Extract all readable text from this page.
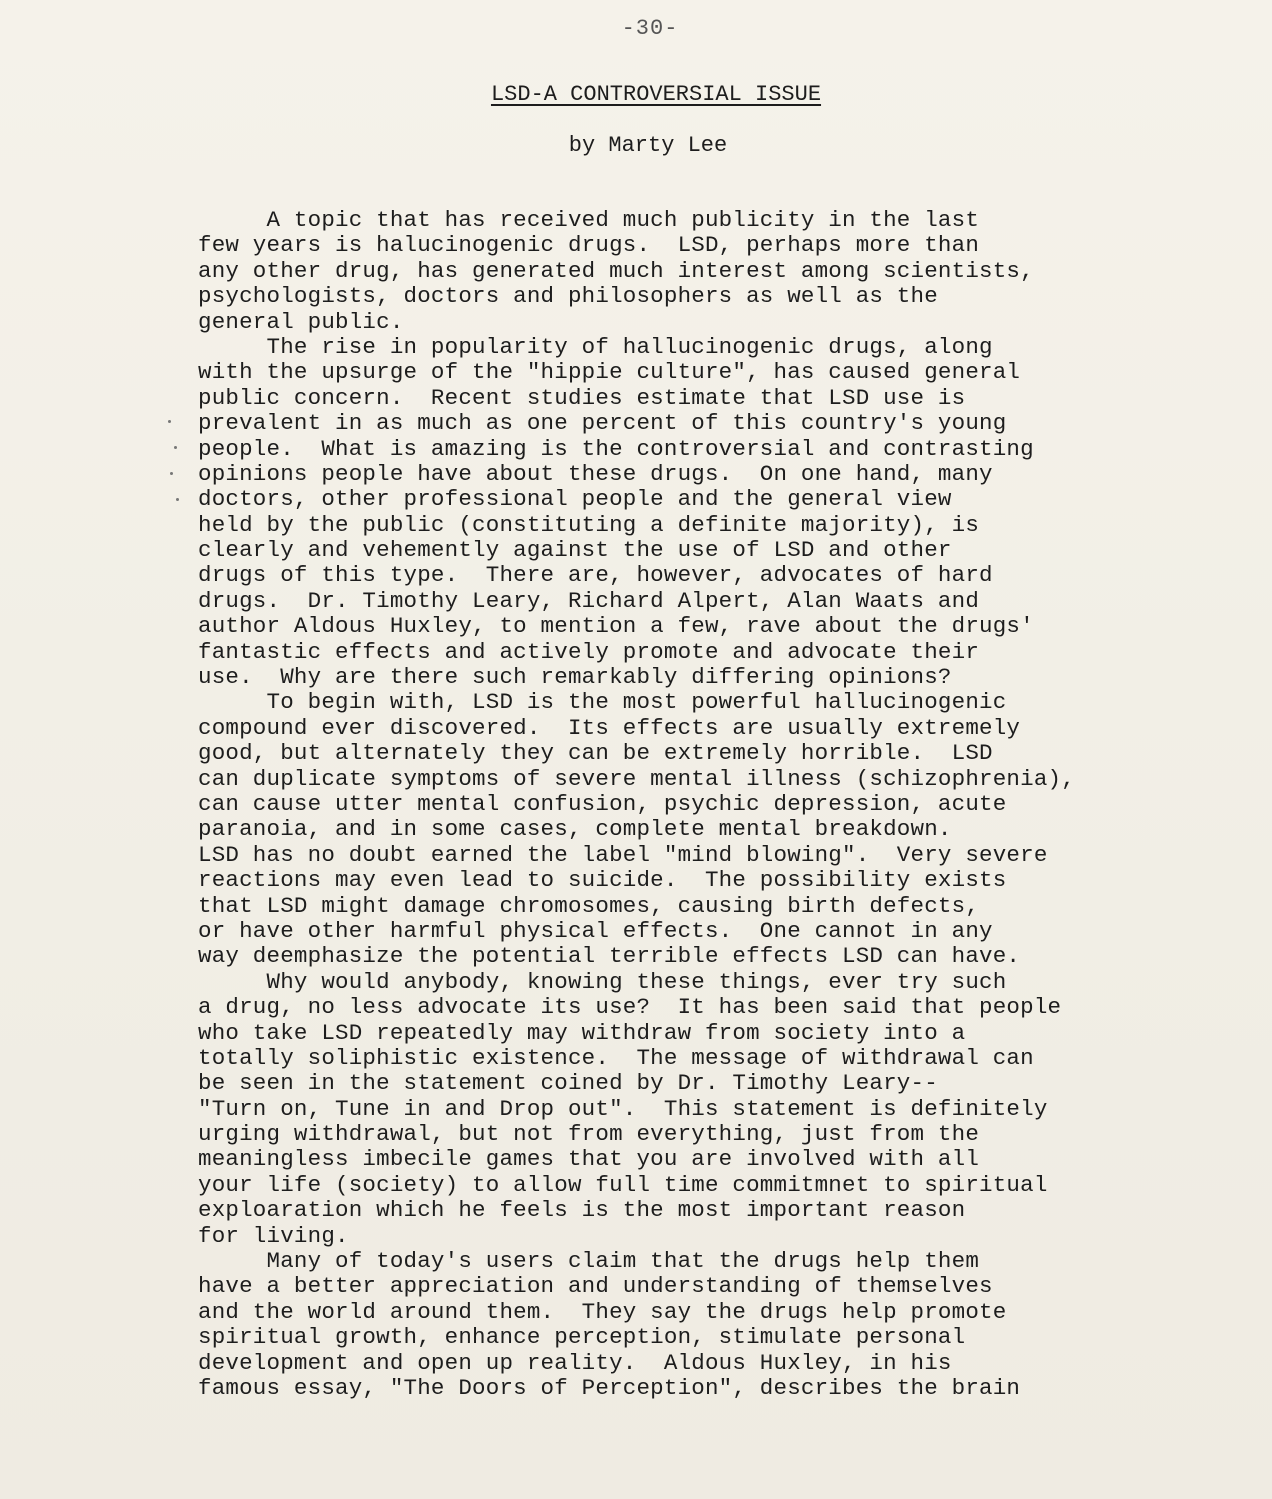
-30-
LSD-A CONTROVERSIAL ISSUE
by Marty Lee
A topic that has received much publicity in the last
few years is halucinogenic drugs.  LSD, perhaps more than
any other drug, has generated much interest among scientists,
psychologists, doctors and philosophers as well as the
general public.
The rise in popularity of hallucinogenic drugs, along
with the upsurge of the "hippie culture", has caused general
public concern.  Recent studies estimate that LSD use is
prevalent in as much as one percent of this country's young
people.  What is amazing is the controversial and contrasting
opinions people have about these drugs.  On one hand, many
doctors, other professional people and the general view
held by the public (constituting a definite majority), is
clearly and vehemently against the use of LSD and other
drugs of this type.  There are, however, advocates of hard
drugs.  Dr. Timothy Leary, Richard Alpert, Alan Waats and
author Aldous Huxley, to mention a few, rave about the drugs'
fantastic effects and actively promote and advocate their
use.  Why are there such remarkably differing opinions?
To begin with, LSD is the most powerful hallucinogenic
compound ever discovered.  Its effects are usually extremely
good, but alternately they can be extremely horrible.  LSD
can duplicate symptoms of severe mental illness (schizophrenia),
can cause utter mental confusion, psychic depression, acute
paranoia, and in some cases, complete mental breakdown.
LSD has no doubt earned the label "mind blowing".  Very severe
reactions may even lead to suicide.  The possibility exists
that LSD might damage chromosomes, causing birth defects,
or have other harmful physical effects.  One cannot in any
way deemphasize the potential terrible effects LSD can have.
Why would anybody, knowing these things, ever try such
a drug, no less advocate its use?  It has been said that people
who take LSD repeatedly may withdraw from society into a
totally soliphistic existence.  The message of withdrawal can
be seen in the statement coined by Dr. Timothy Leary--
"Turn on, Tune in and Drop out".  This statement is definitely
urging withdrawal, but not from everything, just from the
meaningless imbecile games that you are involved with all
your life (society) to allow full time commitmnet to spiritual
exploaration which he feels is the most important reason
for living.
Many of today's users claim that the drugs help them
have a better appreciation and understanding of themselves
and the world around them.  They say the drugs help promote
spiritual growth, enhance perception, stimulate personal
development and open up reality.  Aldous Huxley, in his
famous essay, "The Doors of Perception", describes the brain
